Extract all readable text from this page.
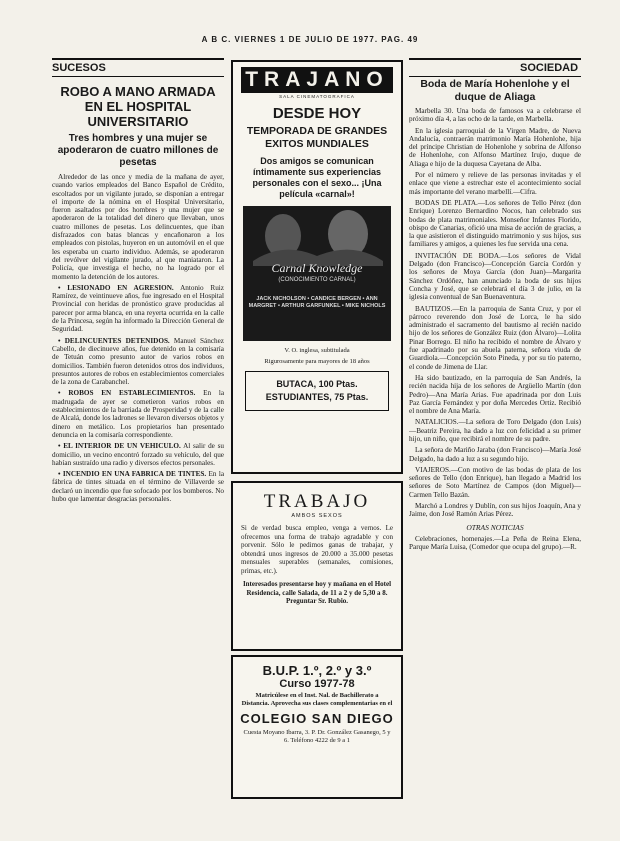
A B C. VIERNES 1 DE JULIO DE 1977. PAG. 49
SUCESOS	SOCIEDAD
ROBO A MANO ARMADA EN EL HOSPITAL UNIVERSITARIO
Tres hombres y una mujer se apoderaron de cuatro millones de pesetas

Alrededor de las once y media de la mañana de ayer, cuando varios empleados del Banco Español de Crédito, escoltados por un vigilante jurado, se disponían a entregar el importe de la nómina en el Hospital Universitario, fueron asaltados por dos hombres y una mujer que se apoderaron de la totalidad del dinero que llevaban, unos cuatro millones de pesetas. Los delincuentes, que iban disfrazados con batas blancas y encañonaron a los empleados con pistolas, huyeron en un automóvil en el que les esperaba un cuarto individuo. Además, se apoderaron del revólver del vigilante jurado, al que maniataron. La Policía, que investiga el hecho, no ha logrado por el momento la detención de los autores.

• LESIONADO EN AGRESION. Antonio Ruiz Ramírez, de veintinueve años, fue ingresado en el Hospital Provincial con heridas de pronóstico grave producidas al parecer por arma blanca, en una reyerta ocurrida en la calle de la Princesa, según ha informado la Dirección General de Seguridad.

• DELINCUENTES DETENIDOS. Manuel Sánchez Cabello, de diecinueve años, fue detenido en la comisaría de Tetuán como presunto autor de varios robos en domicilios. También fueron detenidos otros dos individuos, presuntos autores de robos en establecimientos comerciales de la zona de Carabanchel.

• ROBOS EN ESTABLECIMIENTOS. En la madrugada de ayer se cometieron varios robos en establecimientos de la barriada de Prosperidad y de la calle de Alcalá, donde los ladrones se llevaron diversos objetos y dinero en metálico. Los propietarios han presentado denuncia en la comisaría correspondiente.

• EL INTERIOR DE UN VEHICULO. Al salir de su domicilio, un vecino encontró forzado su vehículo, del que habían sustraído una radio y diversos efectos personales.

• INCENDIO EN UNA FABRICA DE TINTES. En la fábrica de tintes situada en el término de Villaverde se declaró un incendio que fue sofocado por los bomberos. No hubo que lamentar desgracias personales.

TRAJANO
SALA CINEMATOGRAFICA
DESDE HOY
TEMPORADA DE GRANDES EXITOS MUNDIALES
Dos amigos se comunican íntimamente sus experiencias personales con el sexo... ¡Una película «carnal»!
Carnal Knowledge
(CONOCIMIENTO CARNAL)
JACK NICHOLSON • CANDICE BERGEN • ANN MARGRET • ARTHUR GARFUNKEL • MIKE NICHOLS
V. O. inglesa, subtitulada
Rigurosamente para mayores de 18 años
BUTACA, 100 Ptas.
ESTUDIANTES, 75 Ptas.
TRABAJO
AMBOS SEXOS
Si de verdad busca empleo, venga a vernos. Le ofrecemos una forma de trabajo agradable y con porvenir. Sólo le pedimos ganas de trabajar, y obtendrá unos ingresos de 20.000 a 35.000 pesetas mensuales superables (semanales, comisiones, primas, etc.).
Interesados presentarse hoy y mañana en el Hotel Residencia, calle Salada, de 11 a 2 y de 5,30 a 8. Preguntar Sr. Rubio.
B.U.P. 1.º, 2.º y 3.º
Curso 1977-78
Matricúlese en el Inst. Nal. de Bachillerato a Distancia. Aprovecha sus clases complementarias en el
COLEGIO SAN DIEGO
Cuesta Moyano Ibarra, 3. P. Dr. González Gasanego, 5 y 6. Teléfono 4222 de 9 a 1
Boda de María Hohenlohe y el duque de Aliaga

Marbella 30. Una boda de famosos va a celebrarse el próximo día 4, a las ocho de la tarde, en Marbella.

En la iglesia parroquial de la Virgen Madre, de Nueva Andalucía, contraerán matrimonio María Hohenlohe, hija del príncipe Christian de Hohenlohe y sobrina de Alfonso de Hohenlohe, con Alfonso Martínez Irujo, duque de Aliaga e hijo de la duquesa Cayetana de Alba.

Por el número y relieve de las personas invitadas y el enlace que viene a estrechar este el acontecimiento social más importante del verano marbellí.—Cifra.

BODAS DE PLATA.—Los señores de Tello Pérez (don Enrique) Lorenzo Bernardino Nocos, han celebrado sus bodas de plata matrimoniales. Monseñor Infantes Florido, obispo de Canarias, ofició una misa de acción de gracias, a la que asistieron el distinguido matrimonio y sus hijos, sus familiares y amigos, a quienes les fue servida una cena.

INVITACIÓN DE BODA.—Los señores de Vidal Delgado (don Francisco)—Concepción García Cordón y los señores de Moya García (don Juan)—Margarita Sánchez Ordóñez, han anunciado la boda de sus hijos Concha y José, que se celebrará el día 3 de julio, en la iglesia conventual de San Buenaventura.

BAUTIZOS.—En la parroquia de Santa Cruz, y por el párroco reverendo don José de Lorca, le ha sido administrado el sacramento del bautismo al recién nacido hijo de los señores de González Ruiz (don Álvaro)—Lolita Pinar Borrego. El niño ha recibido el nombre de Álvaro y fue apadrinado por su abuela paterna, señora viuda de Guardiola.—Concepción Soto Pineda, y por su tío paterno, el conde de Jimena de Llar.

Ha sido bautizado, en la parroquia de San Andrés, la recién nacida hija de los señores de Argüello Martín (don Pedro)—Ana María Arias. Fue apadrinada por don Luis Paz García Fernández y por doña Mercedes Ortiz. Recibió el nombre de Ana María.

NATALICIOS.—La señora de Toro Delgado (don Luis)—Beatriz Pereira, ha dado a luz con felicidad a su primer hijo, un niño, que recibirá el nombre de su padre.

La señora de Mariño Jaraba (don Francisco)—María José Delgado, ha dado a luz a su segundo hijo.

VIAJEROS.—Con motivo de las bodas de plata de los señores de Tello (don Enrique), han llegado a Madrid los señores de Soto Martínez de Campos (don Miguel)—Carmen Tello Bazán.

Marchó a Londres y Dublín, con sus hijos Joaquín, Ana y Jaime, don José Ramón Arias Pérez.

OTRAS NOTICIAS

Celebraciones, homenajes.—La Peña de Reina Elena, Parque María Luisa, (Comedor que ocupa del grupo).—R.
